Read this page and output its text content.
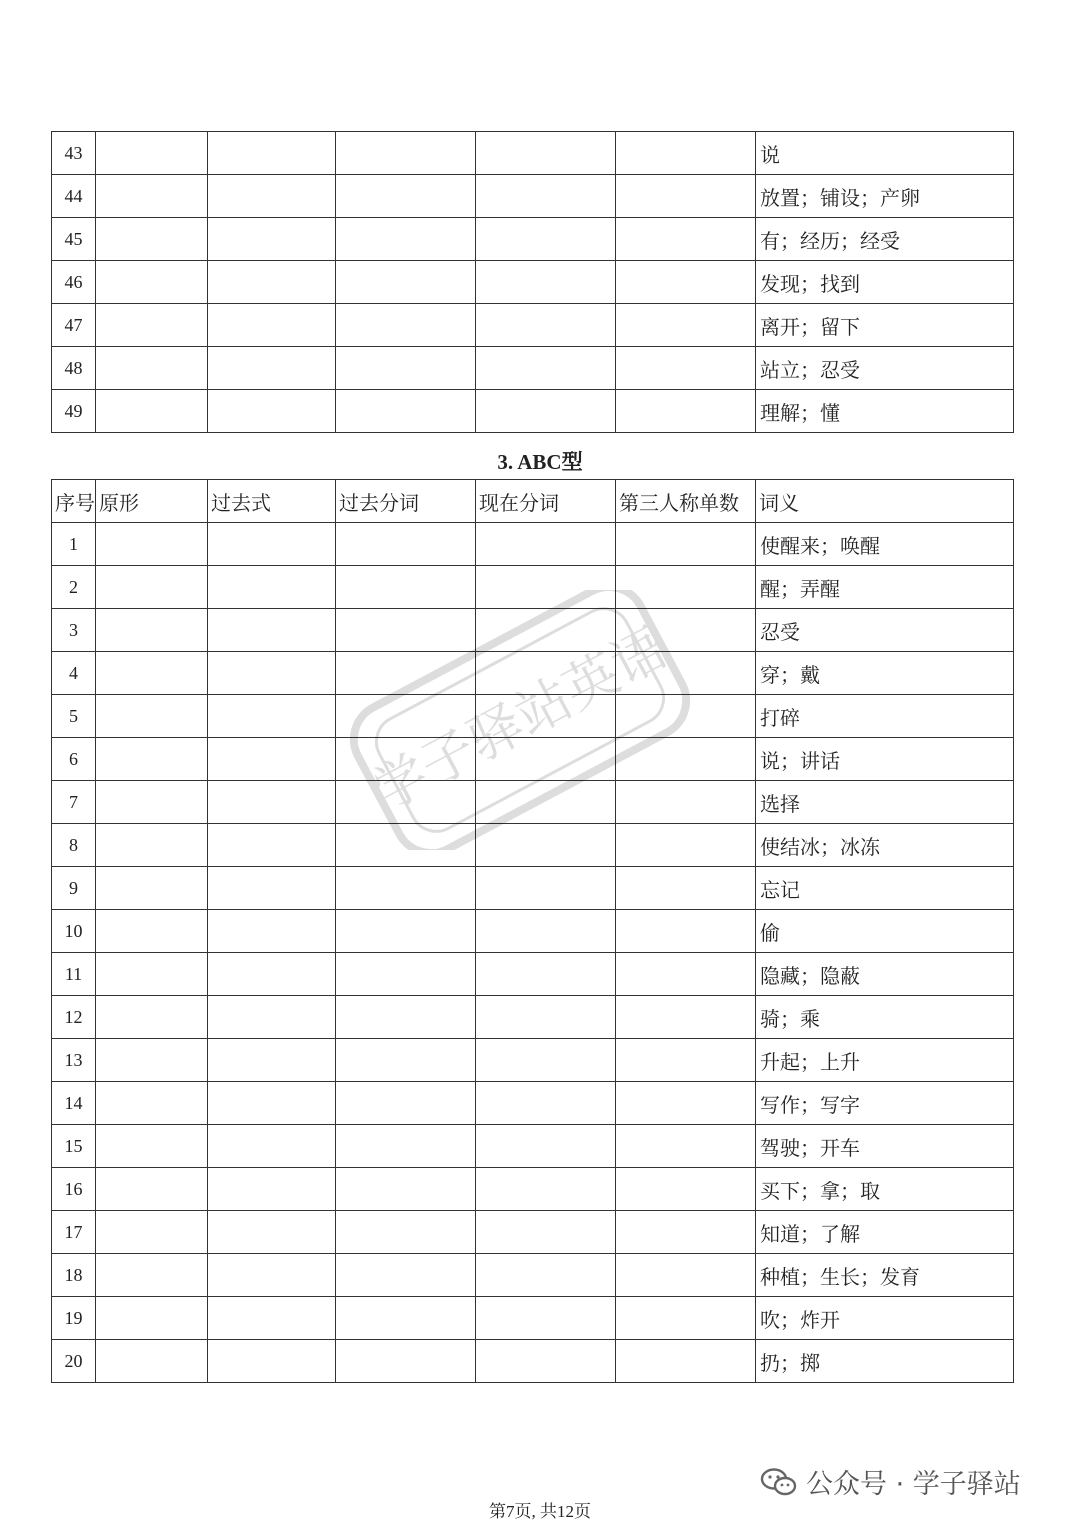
43						说
44						放置；铺设；产卵
45						有；经历；经受
46						发现；找到
47						离开；留下
48						站立；忍受
49						理解；懂
3. ABC型
序号	原形	过去式	过去分词	现在分词	第三人称单数	词义
1						使醒来；唤醒
2						醒；弄醒
3						忍受
4						穿；戴
5						打碎
6						说；讲话
7						选择
8						使结冰；冰冻
9						忘记
10						偷
11						隐藏；隐蔽
12						骑；乘
13						升起；上升
14						写作；写字
15						驾驶；开车
16						买下；拿；取
17						知道；了解
18						种植；生长；发育
19						吹；炸开
20						扔；掷
学子驿站英语
公众号 · 学子驿站
第7页, 共12页
